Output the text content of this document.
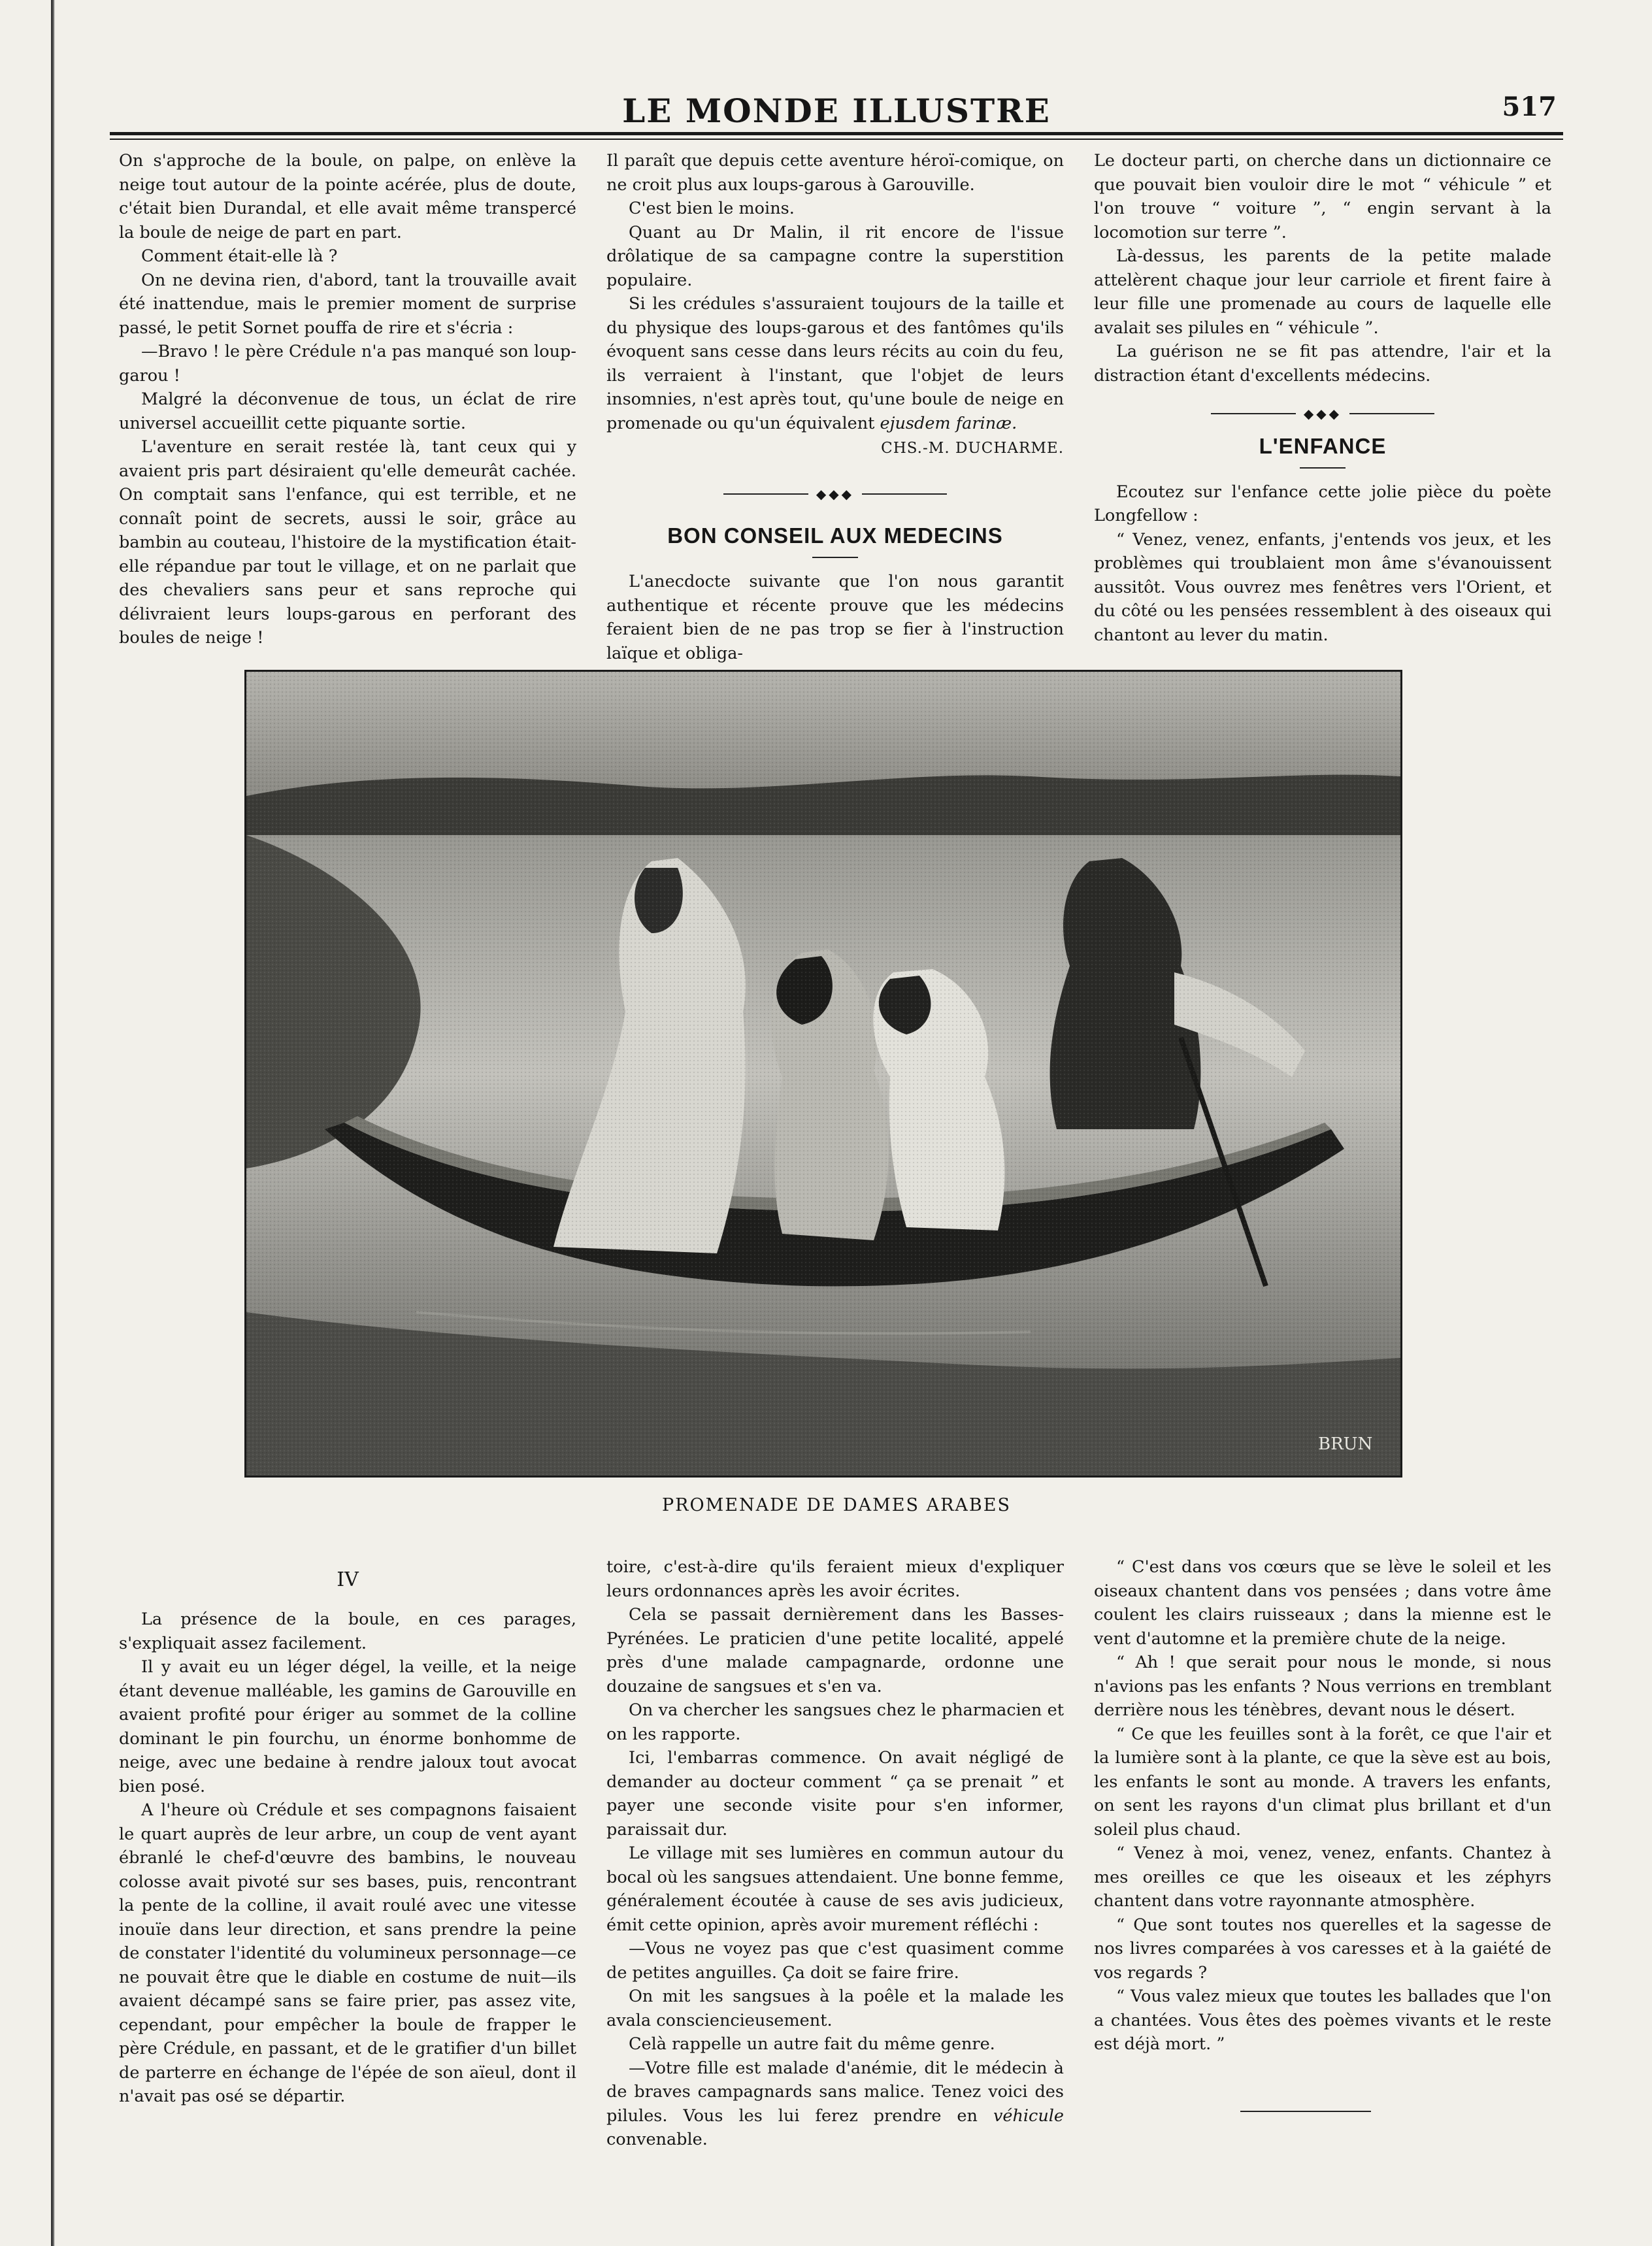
LE MONDE ILLUSTRE	517

On s'approche de la boule, on palpe, on enlève la neige tout autour de la pointe acérée, plus de doute, c'était bien Durandal, et elle avait même transpercé la boule de neige de part en part.

Comment était-elle là ?

On ne devina rien, d'abord, tant la trouvaille avait été inattendue, mais le premier moment de surprise passé, le petit Sornet pouffa de rire et s'écria :

—Bravo ! le père Crédule n'a pas manqué son loup-garou !

Malgré la déconvenue de tous, un éclat de rire universel accueillit cette piquante sortie.

L'aventure en serait restée là, tant ceux qui y avaient pris part désiraient qu'elle demeurât cachée. On comptait sans l'enfance, qui est terrible, et ne connaît point de secrets, aussi le soir, grâce au bambin au couteau, l'histoire de la mystification était-elle répandue par tout le village, et on ne parlait que des chevaliers sans peur et sans reproche qui délivraient leurs loups-garous en perforant des boules de neige !

Il paraît que depuis cette aventure héroï-comique, on ne croit plus aux loups-garous à Garouville.

C'est bien le moins.

Quant au Dr Malin, il rit encore de l'issue drôlatique de sa campagne contre la superstition populaire.

Si les crédules s'assuraient toujours de la taille et du physique des loups-garous et des fantômes qu'ils évoquent sans cesse dans leurs récits au coin du feu, ils verraient à l'instant, que l'objet de leurs insomnies, n'est après tout, qu'une boule de neige en promenade ou qu'un équivalent ejusdem farinæ.

CHS.-M. DUCHARME.

◆◆◆
BON CONSEIL AUX MEDECINS

L'anecdocte suivante que l'on nous garantit authentique et récente prouve que les médecins feraient bien de ne pas trop se fier à l'instruction laïque et obliga-

Le docteur parti, on cherche dans un dictionnaire ce que pouvait bien vouloir dire le mot “ véhicule ” et l'on trouve “ voiture ”, “ engin servant à la locomotion sur terre ”.

Là-dessus, les parents de la petite malade attelèrent chaque jour leur carriole et firent faire à leur fille une promenade au cours de laquelle elle avalait ses pilules en “ véhicule ”.

La guérison ne se fit pas attendre, l'air et la distraction étant d'excellents médecins.

◆◆◆
L'ENFANCE

Ecoutez sur l'enfance cette jolie pièce du poète Longfellow :

“ Venez, venez, enfants, j'entends vos jeux, et les problèmes qui troublaient mon âme s'évanouissent aussitôt. Vous ouvrez mes fenêtres vers l'Orient, et du côté ou les pensées ressemblent à des oiseaux qui chantont au lever du matin.

BRUN
PROMENADE DE DAMES ARABES
IV

La présence de la boule, en ces parages, s'expliquait assez facilement.

Il y avait eu un léger dégel, la veille, et la neige étant devenue malléable, les gamins de Garouville en avaient profité pour ériger au sommet de la colline dominant le pin fourchu, un énorme bonhomme de neige, avec une bedaine à rendre jaloux tout avocat bien posé.

A l'heure où Crédule et ses compagnons faisaient le quart auprès de leur arbre, un coup de vent ayant ébranlé le chef-d'œuvre des bambins, le nouveau colosse avait pivoté sur ses bases, puis, rencontrant la pente de la colline, il avait roulé avec une vitesse inouïe dans leur direction, et sans prendre la peine de constater l'identité du volumineux personnage—ce ne pouvait être que le diable en costume de nuit—ils avaient décampé sans se faire prier, pas assez vite, cependant, pour empêcher la boule de frapper le père Crédule, en passant, et de le gratifier d'un billet de parterre en échange de l'épée de son aïeul, dont il n'avait pas osé se départir.

toire, c'est-à-dire qu'ils feraient mieux d'expliquer leurs ordonnances après les avoir écrites.

Cela se passait dernièrement dans les Basses-Pyrénées. Le praticien d'une petite localité, appelé près d'une malade campagnarde, ordonne une douzaine de sangsues et s'en va.

On va chercher les sangsues chez le pharmacien et on les rapporte.

Ici, l'embarras commence. On avait négligé de demander au docteur comment “ ça se prenait ” et payer une seconde visite pour s'en informer, paraissait dur.

Le village mit ses lumières en commun autour du bocal où les sangsues attendaient. Une bonne femme, généralement écoutée à cause de ses avis judicieux, émit cette opinion, après avoir murement réfléchi :

—Vous ne voyez pas que c'est quasiment comme de petites anguilles. Ça doit se faire frire.

On mit les sangsues à la poêle et la malade les avala consciencieusement.

Celà rappelle un autre fait du même genre.

—Votre fille est malade d'anémie, dit le médecin à de braves campagnards sans malice. Tenez voici des pilules. Vous les lui ferez prendre en véhicule convenable.

“ C'est dans vos cœurs que se lève le soleil et les oiseaux chantent dans vos pensées ; dans votre âme coulent les clairs ruisseaux ; dans la mienne est le vent d'automne et la première chute de la neige.

“ Ah ! que serait pour nous le monde, si nous n'avions pas les enfants ? Nous verrions en tremblant derrière nous les ténèbres, devant nous le désert.

“ Ce que les feuilles sont à la forêt, ce que l'air et la lumière sont à la plante, ce que la sève est au bois, les enfants le sont au monde. A travers les enfants, on sent les rayons d'un climat plus brillant et d'un soleil plus chaud.

“ Venez à moi, venez, venez, enfants. Chantez à mes oreilles ce que les oiseaux et les zéphyrs chantent dans votre rayonnante atmosphère.

“ Que sont toutes nos querelles et la sagesse de nos livres comparées à vos caresses et à la gaiété de vos regards ?

“ Vous valez mieux que toutes les ballades que l'on a chantées. Vous êtes des poèmes vivants et le reste est déjà mort. ”
